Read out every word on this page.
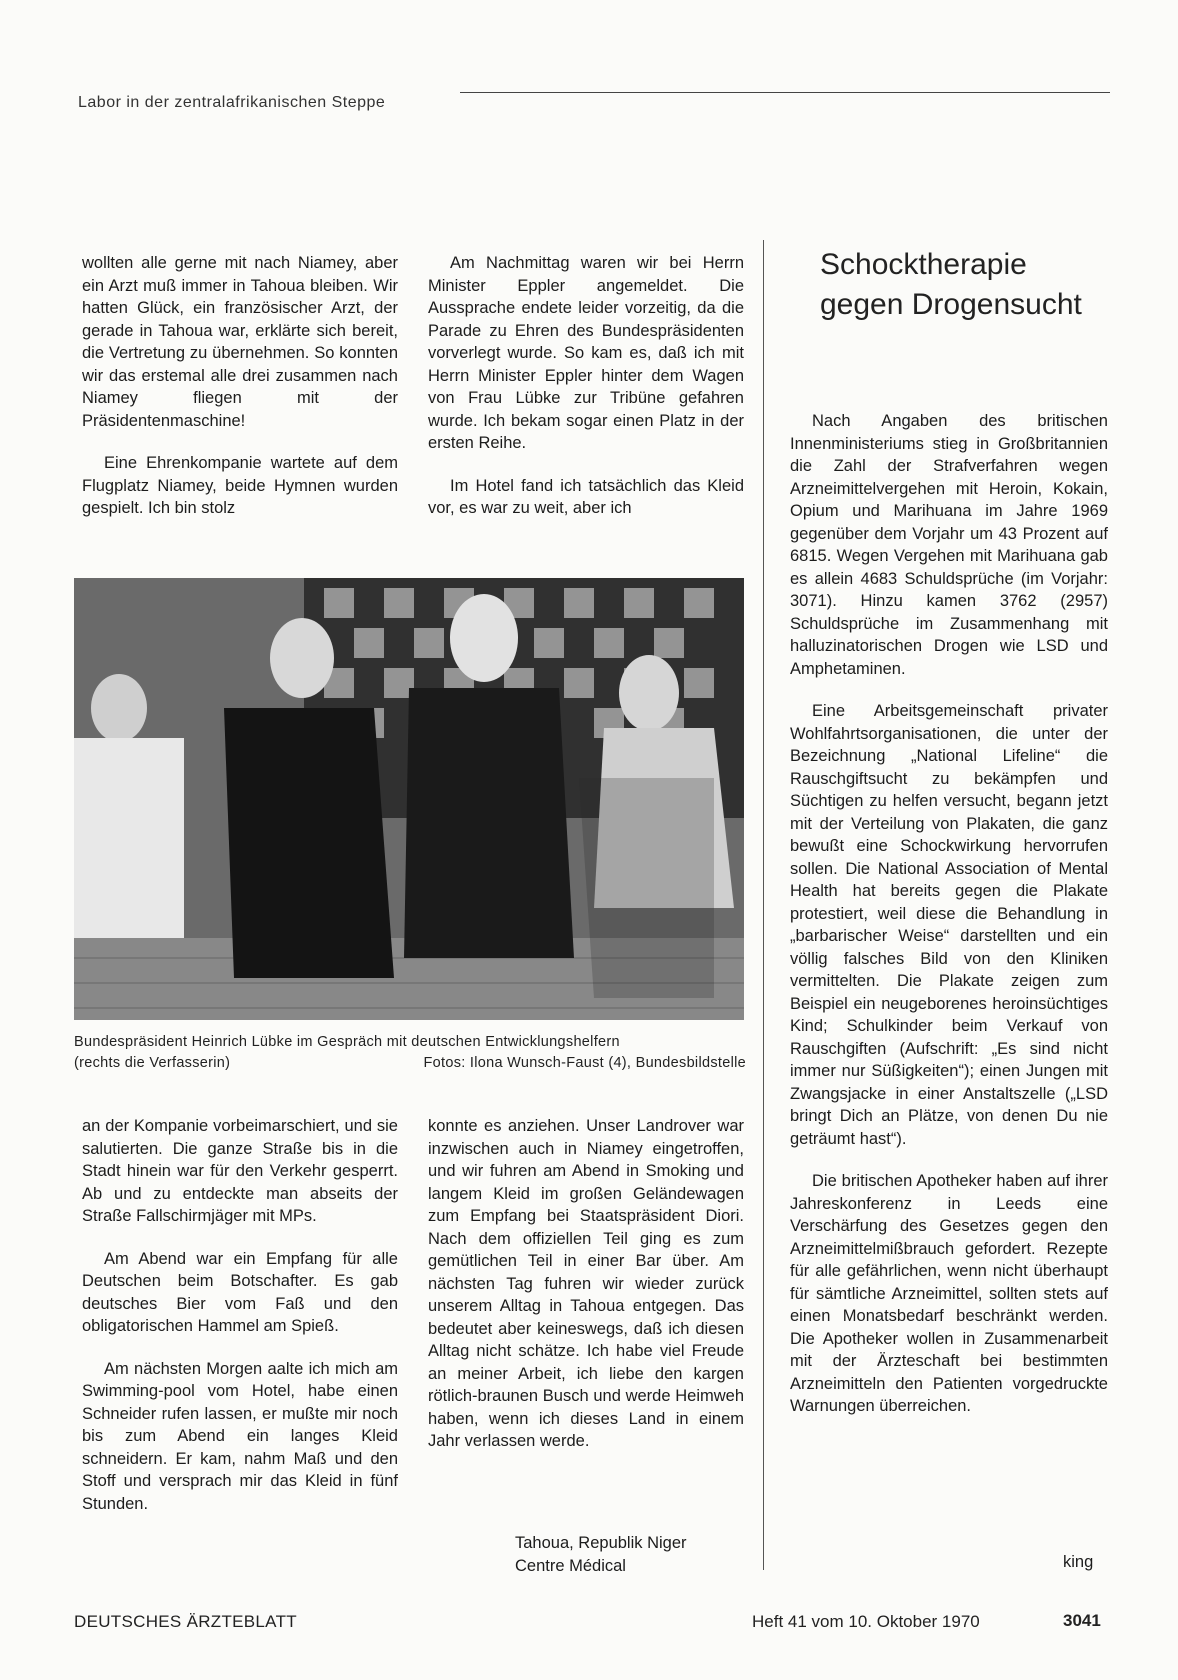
Labor in der zentralafrikanischen Steppe

wollten alle gerne mit nach Niamey, aber ein Arzt muß immer in Tahoua bleiben. Wir hatten Glück, ein französischer Arzt, der gerade in Tahoua war, erklärte sich bereit, die Vertretung zu übernehmen. So konnten wir das erstemal alle drei zusammen nach Niamey fliegen mit der Präsidentenmaschine!

Eine Ehrenkompanie wartete auf dem Flugplatz Niamey, beide Hymnen wurden gespielt. Ich bin stolz

Am Nachmittag waren wir bei Herrn Minister Eppler angemeldet. Die Aussprache endete leider vorzeitig, da die Parade zu Ehren des Bundespräsidenten vorverlegt wurde. So kam es, daß ich mit Herrn Minister Eppler hinter dem Wagen von Frau Lübke zur Tribüne gefahren wurde. Ich bekam sogar einen Platz in der ersten Reihe.

Im Hotel fand ich tatsächlich das Kleid vor, es war zu weit, aber ich

Schocktherapie gegen Drogensucht

Nach Angaben des britischen Innenministeriums stieg in Großbritannien die Zahl der Strafverfahren wegen Arzneimittelvergehen mit Heroin, Kokain, Opium und Marihuana im Jahre 1969 gegenüber dem Vorjahr um 43 Prozent auf 6815. Wegen Vergehen mit Marihuana gab es allein 4683 Schuldsprüche (im Vorjahr: 3071). Hinzu kamen 3762 (2957) Schuldsprüche im Zusammenhang mit halluzinatorischen Drogen wie LSD und Amphetaminen.

Eine Arbeitsgemeinschaft privater Wohlfahrtsorganisationen, die unter der Bezeichnung „National Lifeline“ die Rauschgiftsucht zu bekämpfen und Süchtigen zu helfen versucht, begann jetzt mit der Verteilung von Plakaten, die ganz bewußt eine Schockwirkung hervorrufen sollen. Die National Association of Mental Health hat bereits gegen die Plakate protestiert, weil diese die Behandlung in „barbarischer Weise“ darstellten und ein völlig falsches Bild von den Kliniken vermittelten. Die Plakate zeigen zum Beispiel ein neugeborenes heroinsüchtiges Kind; Schulkinder beim Verkauf von Rauschgiften (Aufschrift: „Es sind nicht immer nur Süßigkeiten“); einen Jungen mit Zwangsjacke in einer Anstaltszelle („LSD bringt Dich an Plätze, von denen Du nie geträumt hast“).

Die britischen Apotheker haben auf ihrer Jahreskonferenz in Leeds eine Verschärfung des Gesetzes gegen den Arzneimittelmißbrauch gefordert. Rezepte für alle gefährlichen, wenn nicht überhaupt für sämtliche Arzneimittel, sollten stets auf einen Monatsbedarf beschränkt werden. Die Apotheker wollen in Zusammenarbeit mit der Ärzteschaft bei bestimmten Arzneimitteln den Patienten vorgedruckte Warnungen überreichen.

Bundespräsident Heinrich Lübke im Gespräch mit deutschen Entwicklungshelfern
(rechts die Verfasserin)	Fotos: Ilona Wunsch-Faust (4), Bundesbildstelle

an der Kompanie vorbeimarschiert, und sie salutierten. Die ganze Straße bis in die Stadt hinein war für den Verkehr gesperrt. Ab und zu entdeckte man abseits der Straße Fallschirmjäger mit MPs.

Am Abend war ein Empfang für alle Deutschen beim Botschafter. Es gab deutsches Bier vom Faß und den obligatorischen Hammel am Spieß.

Am nächsten Morgen aalte ich mich am Swimming-pool vom Hotel, habe einen Schneider rufen lassen, er mußte mir noch bis zum Abend ein langes Kleid schneidern. Er kam, nahm Maß und den Stoff und versprach mir das Kleid in fünf Stunden.

konnte es anziehen. Unser Landrover war inzwischen auch in Niamey eingetroffen, und wir fuhren am Abend in Smoking und langem Kleid im großen Geländewagen zum Empfang bei Staatspräsident Diori. Nach dem offiziellen Teil ging es zum gemütlichen Teil in einer Bar über. Am nächsten Tag fuhren wir wieder zurück unserem Alltag in Tahoua entgegen. Das bedeutet aber keineswegs, daß ich diesen Alltag nicht schätze. Ich habe viel Freude an meiner Arbeit, ich liebe den kargen rötlich-braunen Busch und werde Heimweh haben, wenn ich dieses Land in einem Jahr verlassen werde.

Tahoua, Republik Niger
Centre Médical	king
DEUTSCHES ÄRZTEBLATT	Heft 41 vom 10. Oktober 1970	3041
